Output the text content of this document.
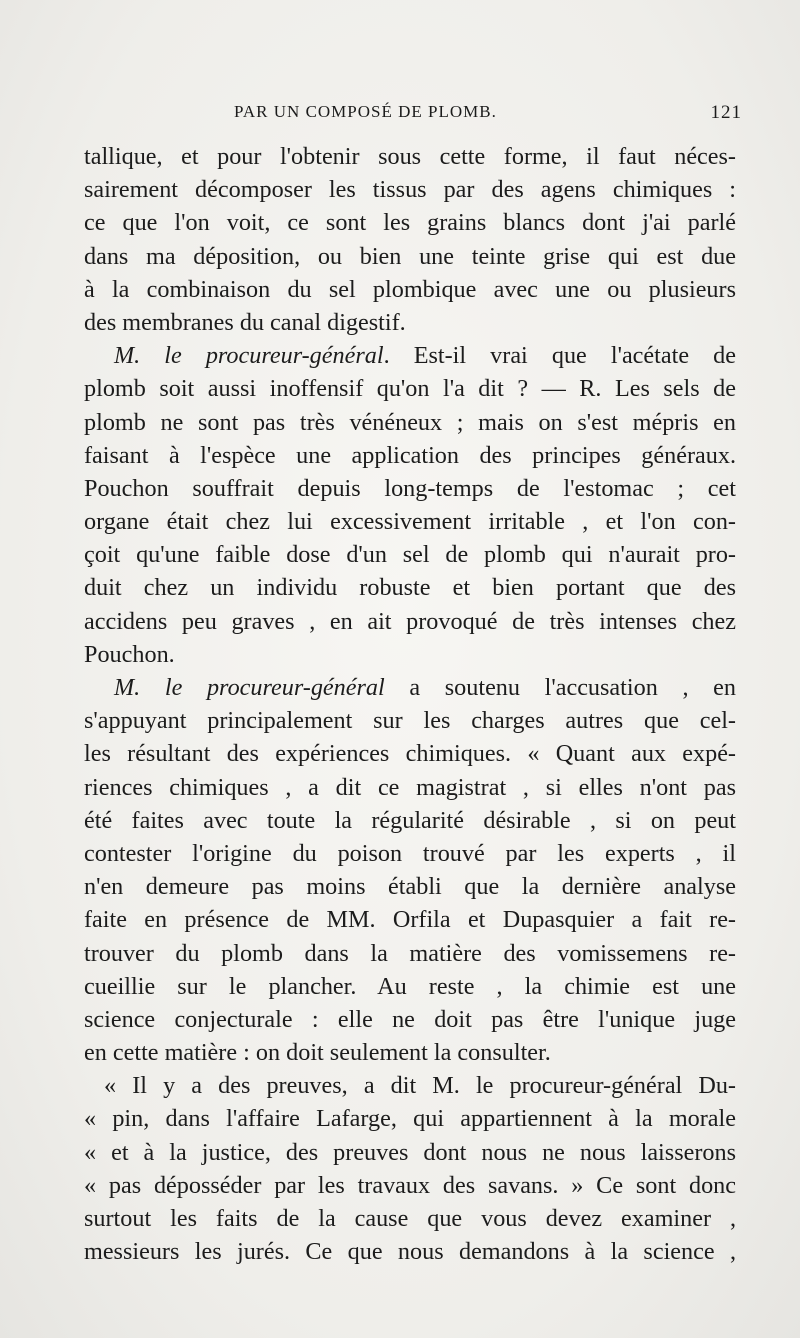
PAR UN COMPOSÉ DE PLOMB.	121
tallique, et pour l'obtenir sous cette forme, il faut néces-
sairement décomposer les tissus par des agens chimiques :
ce que l'on voit, ce sont les grains blancs dont j'ai parlé
dans ma déposition, ou bien une teinte grise qui est due
à la combinaison du sel plombique avec une ou plusieurs
des membranes du canal digestif.
M. le procureur-général. Est-il vrai que l'acétate de
plomb soit aussi inoffensif qu'on l'a dit ? — R. Les sels de
plomb ne sont pas très vénéneux ; mais on s'est mépris en
faisant à l'espèce une application des principes généraux.
Pouchon souffrait depuis long-temps de l'estomac ; cet
organe était chez lui excessivement irritable , et l'on con-
çoit qu'une faible dose d'un sel de plomb qui n'aurait pro-
duit chez un individu robuste et bien portant que des
accidens peu graves , en ait provoqué de très intenses chez
Pouchon.
M. le procureur-général a soutenu l'accusation , en
s'appuyant principalement sur les charges autres que cel-
les résultant des expériences chimiques. « Quant aux expé-
riences chimiques , a dit ce magistrat , si elles n'ont pas
été faites avec toute la régularité désirable , si on peut
contester l'origine du poison trouvé par les experts , il
n'en demeure pas moins établi que la dernière analyse
faite en présence de MM. Orfila et Dupasquier a fait re-
trouver du plomb dans la matière des vomissemens re-
cueillie sur le plancher. Au reste , la chimie est une
science conjecturale : elle ne doit pas être l'unique juge
en cette matière : on doit seulement la consulter.
« Il y a des preuves, a dit M. le procureur-général Du-
« pin, dans l'affaire Lafarge, qui appartiennent à la morale
« et à la justice, des preuves dont nous ne nous laisserons
« pas déposséder par les travaux des savans. » Ce sont donc
surtout les faits de la cause que vous devez examiner ,
messieurs les jurés. Ce que nous demandons à la science ,
